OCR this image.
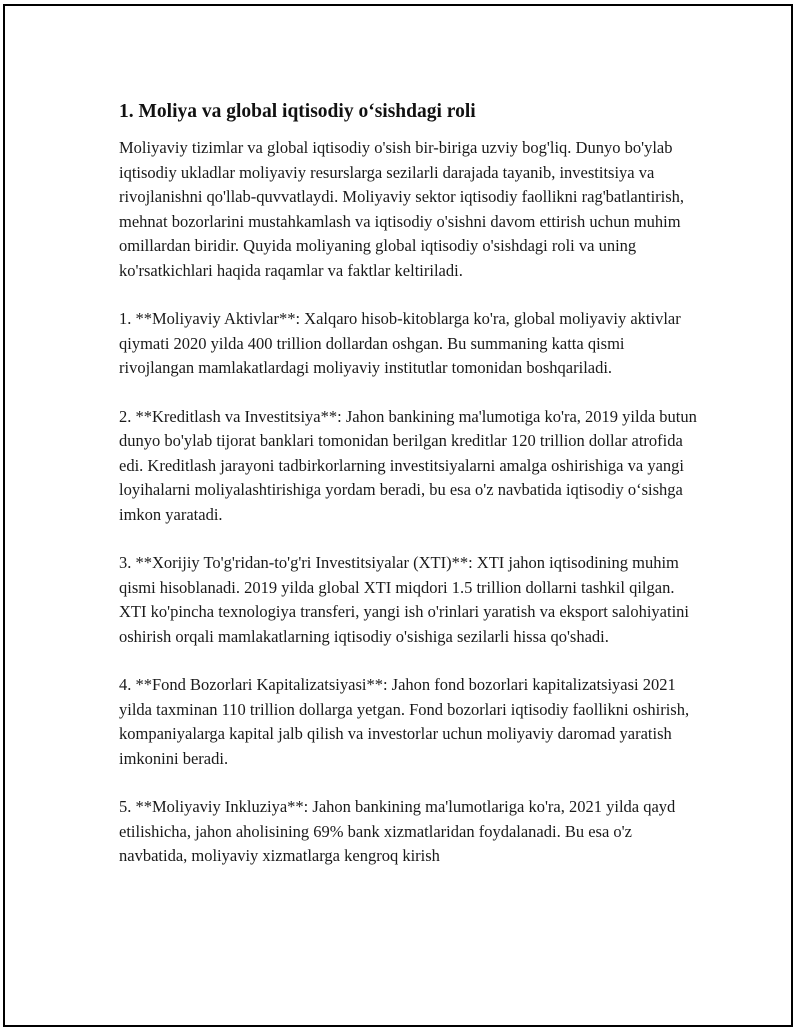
1. Moliya va global iqtisodiy o‘sishdagi roli

Moliyaviy tizimlar va global iqtisodiy o'sish bir-biriga uzviy bog'liq. Dunyo bo'ylab iqtisodiy ukladlar moliyaviy resurslarga sezilarli darajada tayanib, investitsiya va rivojlanishni qo'llab-quvvatlaydi. Moliyaviy sektor iqtisodiy faollikni rag'batlantirish, mehnat bozorlarini mustahkamlash va iqtisodiy o'sishni davom ettirish uchun muhim omillardan biridir. Quyida moliyaning global iqtisodiy o'sishdagi roli va uning ko'rsatkichlari haqida raqamlar va faktlar keltiriladi.

1. **Moliyaviy Aktivlar**: Xalqaro hisob-kitoblarga ko'ra, global moliyaviy aktivlar qiymati 2020 yilda 400 trillion dollardan oshgan. Bu summaning katta qismi rivojlangan mamlakatlardagi moliyaviy institutlar tomonidan boshqariladi.

2. **Kreditlash va Investitsiya**: Jahon bankining ma'lumotiga ko'ra, 2019 yilda butun dunyo bo'ylab tijorat banklari tomonidan berilgan kreditlar 120 trillion dollar atrofida edi. Kreditlash jarayoni tadbirkorlarning investitsiyalarni amalga oshirishiga va yangi loyihalarni moliyalashtirishiga yordam beradi, bu esa o'z navbatida iqtisodiy o‘sishga imkon yaratadi.

3. **Xorijiy To'g'ridan-to'g'ri Investitsiyalar (XTI)**: XTI jahon iqtisodining muhim qismi hisoblanadi. 2019 yilda global XTI miqdori 1.5 trillion dollarni tashkil qilgan. XTI ko'pincha texnologiya transferi, yangi ish o'rinlari yaratish va eksport salohiyatini oshirish orqali mamlakatlarning iqtisodiy o'sishiga sezilarli hissa qo'shadi.

4. **Fond Bozorlari Kapitalizatsiyasi**: Jahon fond bozorlari kapitalizatsiyasi 2021 yilda taxminan 110 trillion dollarga yetgan. Fond bozorlari iqtisodiy faollikni oshirish, kompaniyalarga kapital jalb qilish va investorlar uchun moliyaviy daromad yaratish imkonini beradi.

5. **Moliyaviy Inkluziya**: Jahon bankining ma'lumotlariga ko'ra, 2021 yilda qayd etilishicha, jahon aholisining 69% bank xizmatlaridan foydalanadi. Bu esa o'z navbatida, moliyaviy xizmatlarga kengroq kirish
